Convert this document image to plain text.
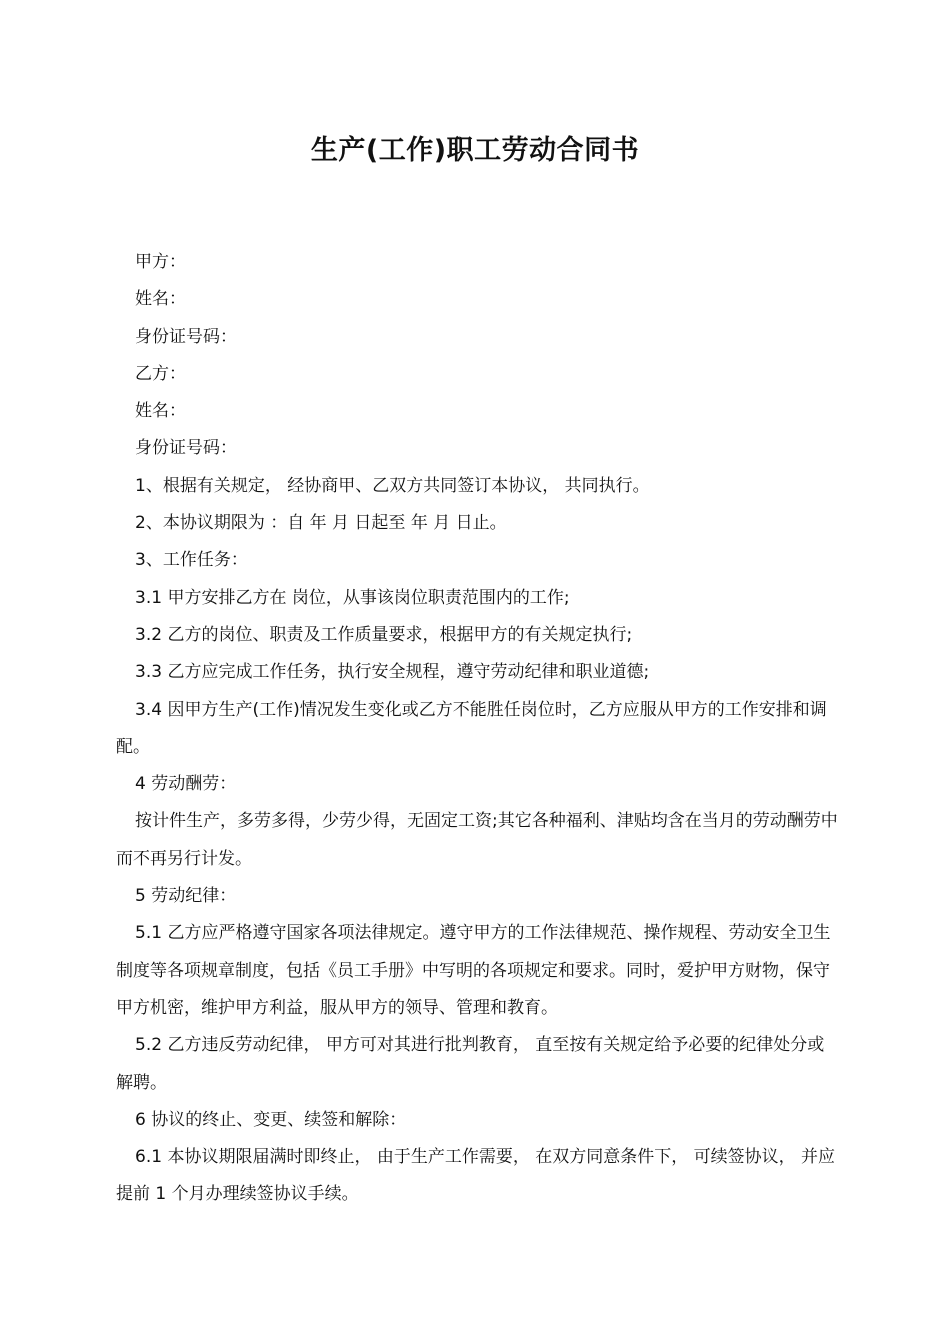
生产(工作)职工劳动合同书

甲方：

姓名：

身份证号码：

乙方：

姓名：

身份证号码：

1、根据有关规定， 经协商甲、乙双方共同签订本协议， 共同执行。

2、本协议期限为 ：自 年 月 日起至 年 月 日止。

3、工作任务：

3.1 甲方安排乙方在 岗位，从事该岗位职责范围内的工作;

3.2 乙方的岗位、职责及工作质量要求，根据甲方的有关规定执行;

3.3 乙方应完成工作任务，执行安全规程，遵守劳动纪律和职业道德;

3.4 因甲方生产(工作)情况发生变化或乙方不能胜任岗位时，乙方应服从甲方的工作安排和调配。

4 劳动酬劳：

按计件生产，多劳多得，少劳少得，无固定工资;其它各种福利、津贴均含在当月的劳动酬劳中而不再另行计发。

5 劳动纪律：

5.1 乙方应严格遵守国家各项法律规定。遵守甲方的工作法律规范、操作规程、劳动安全卫生制度等各项规章制度，包括《员工手册》中写明的各项规定和要求。同时，爱护甲方财物，保守甲方机密，维护甲方利益，服从甲方的领导、管理和教育。

5.2 乙方违反劳动纪律， 甲方可对其进行批判教育， 直至按有关规定给予必要的纪律处分或解聘。

6 协议的终止、变更、续签和解除：

6.1 本协议期限届满时即终止， 由于生产工作需要， 在双方同意条件下， 可续签协议， 并应提前 1 个月办理续签协议手续。
